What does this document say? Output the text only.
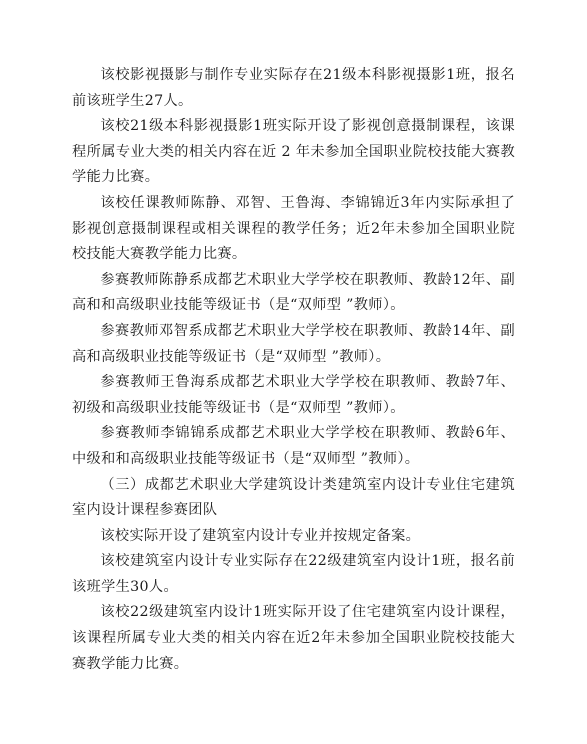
该校影视摄影与制作专业实际存在21级本科影视摄影1班，报名前该班学生27人。

该校21级本科影视摄影1班实际开设了影视创意摄制课程，该课程所属专业大类的相关内容在近 2 年未参加全国职业院校技能大赛教学能力比赛。

该校任课教师陈静、邓智、王鲁海、李锦锦近3年内实际承担了影视创意摄制课程或相关课程的教学任务；近2年未参加全国职业院校技能大赛教学能力比赛。

参赛教师陈静系成都艺术职业大学学校在职教师、教龄12年、副高和和高级职业技能等级证书（是“双师型 ”教师）。

参赛教师邓智系成都艺术职业大学学校在职教师、教龄14年、副高和高级职业技能等级证书（是“双师型 ”教师）。

参赛教师王鲁海系成都艺术职业大学学校在职教师、教龄7年、初级和高级职业技能等级证书（是“双师型 ”教师）。

参赛教师李锦锦系成都艺术职业大学学校在职教师、教龄6年、中级和和高级职业技能等级证书（是“双师型 ”教师）。

（三）成都艺术职业大学建筑设计类建筑室内设计专业住宅建筑室内设计课程参赛团队

该校实际开设了建筑室内设计专业并按规定备案。

该校建筑室内设计专业实际存在22级建筑室内设计1班，报名前该班学生30人。

该校22级建筑室内设计1班实际开设了住宅建筑室内设计课程，该课程所属专业大类的相关内容在近2年未参加全国职业院校技能大赛教学能力比赛。
